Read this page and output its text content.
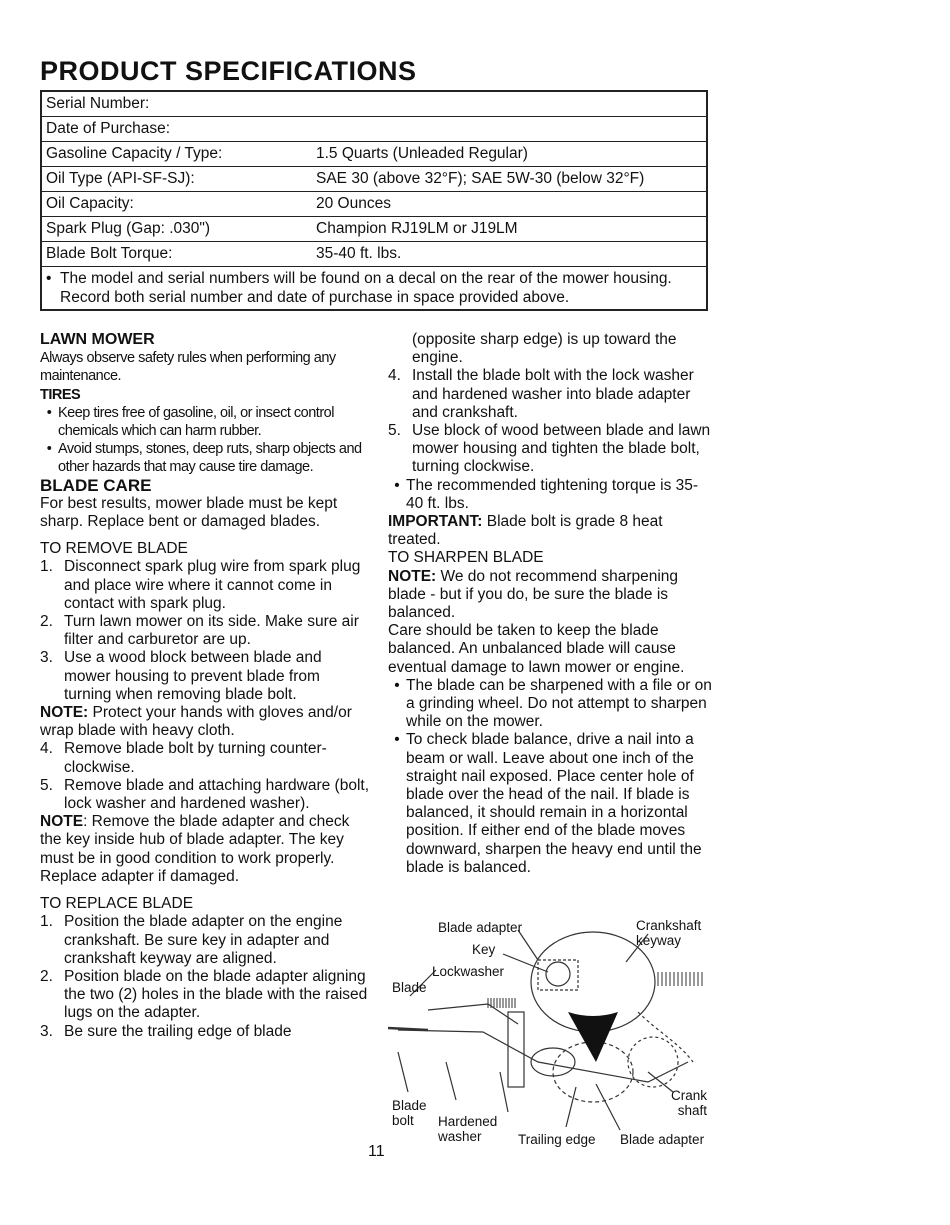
PRODUCT SPECIFICATIONS
Serial Number:	
Date of Purchase:	
Gasoline Capacity / Type:	1.5 Quarts (Unleaded Regular)
Oil Type (API-SF-SJ):	SAE 30 (above 32°F); SAE 5W-30 (below 32°F)
Oil Capacity:	20 Ounces
Spark Plug (Gap: .030")	Champion RJ19LM or J19LM
Blade Bolt Torque:	35-40 ft. lbs.

• The model and serial numbers will be found on a decal on the rear of the mower housing. Record both serial number and date of purchase in space provided above.	

LAWN MOWER

Always observe safety rules when performing any maintenance.

TIRES

• Keep tires free of gasoline, oil, or insect control chemicals which can harm rubber.
• Avoid stumps, stones, deep ruts, sharp objects and other hazards that may cause tire damage.

BLADE CARE

For best results, mower blade must be kept sharp. Replace bent or damaged blades.

TO REMOVE BLADE

1. Disconnect spark plug wire from spark plug and place wire where it cannot come in contact with spark plug.
2. Turn lawn mower on its side. Make sure air filter and carburetor are up.
3. Use a wood block between blade and mower housing to prevent blade from turning when removing blade bolt.

NOTE: Protect your hands with gloves and/or wrap blade with heavy cloth.

4. Remove blade bolt by turning counter-clockwise.
5. Remove blade and attaching hardware (bolt, lock washer and hardened washer).

NOTE: Remove the blade adapter and check the key inside hub of blade adapter. The key must be in good condition to work properly. Replace adapter if damaged.

TO REPLACE BLADE

1. Position the blade adapter on the engine crankshaft. Be sure key in adapter and crankshaft keyway are aligned.
2. Position blade on the blade adapter aligning the two (2) holes in the blade with the raised lugs on the adapter.
3. Be sure the trailing edge of blade
(opposite sharp edge) is up toward the engine.
4. Install the blade bolt with the lock washer and hardened washer into blade adapter and crankshaft.
5. Use block of wood between blade and lawn mower housing and tighten the blade bolt, turning clockwise.
• The recommended tightening torque is 35-40 ft. lbs.

IMPORTANT: Blade bolt is grade 8 heat treated.

TO SHARPEN BLADE

NOTE: We do not recommend sharpening blade - but if you do, be sure the blade is balanced.

Care should be taken to keep the blade balanced. An unbalanced blade will cause eventual damage to lawn mower or engine.

• The blade can be sharpened with a file or on a grinding wheel. Do not attempt to sharpen while on the mower.
• To check blade balance, drive a nail into a beam or wall. Leave about one inch of the straight nail exposed. Place center hole of blade over the head of the nail. If blade is balanced, it should remain in a horizontal position. If either end of the blade moves downward, sharpen the heavy end until the blade is balanced.
Blade adapter	Crankshaft
keyway
Key
Lockwasher
Blade
Blade
bolt	Hardened
washer	Trailing edge Blade adapter
Crank
shaft
11
